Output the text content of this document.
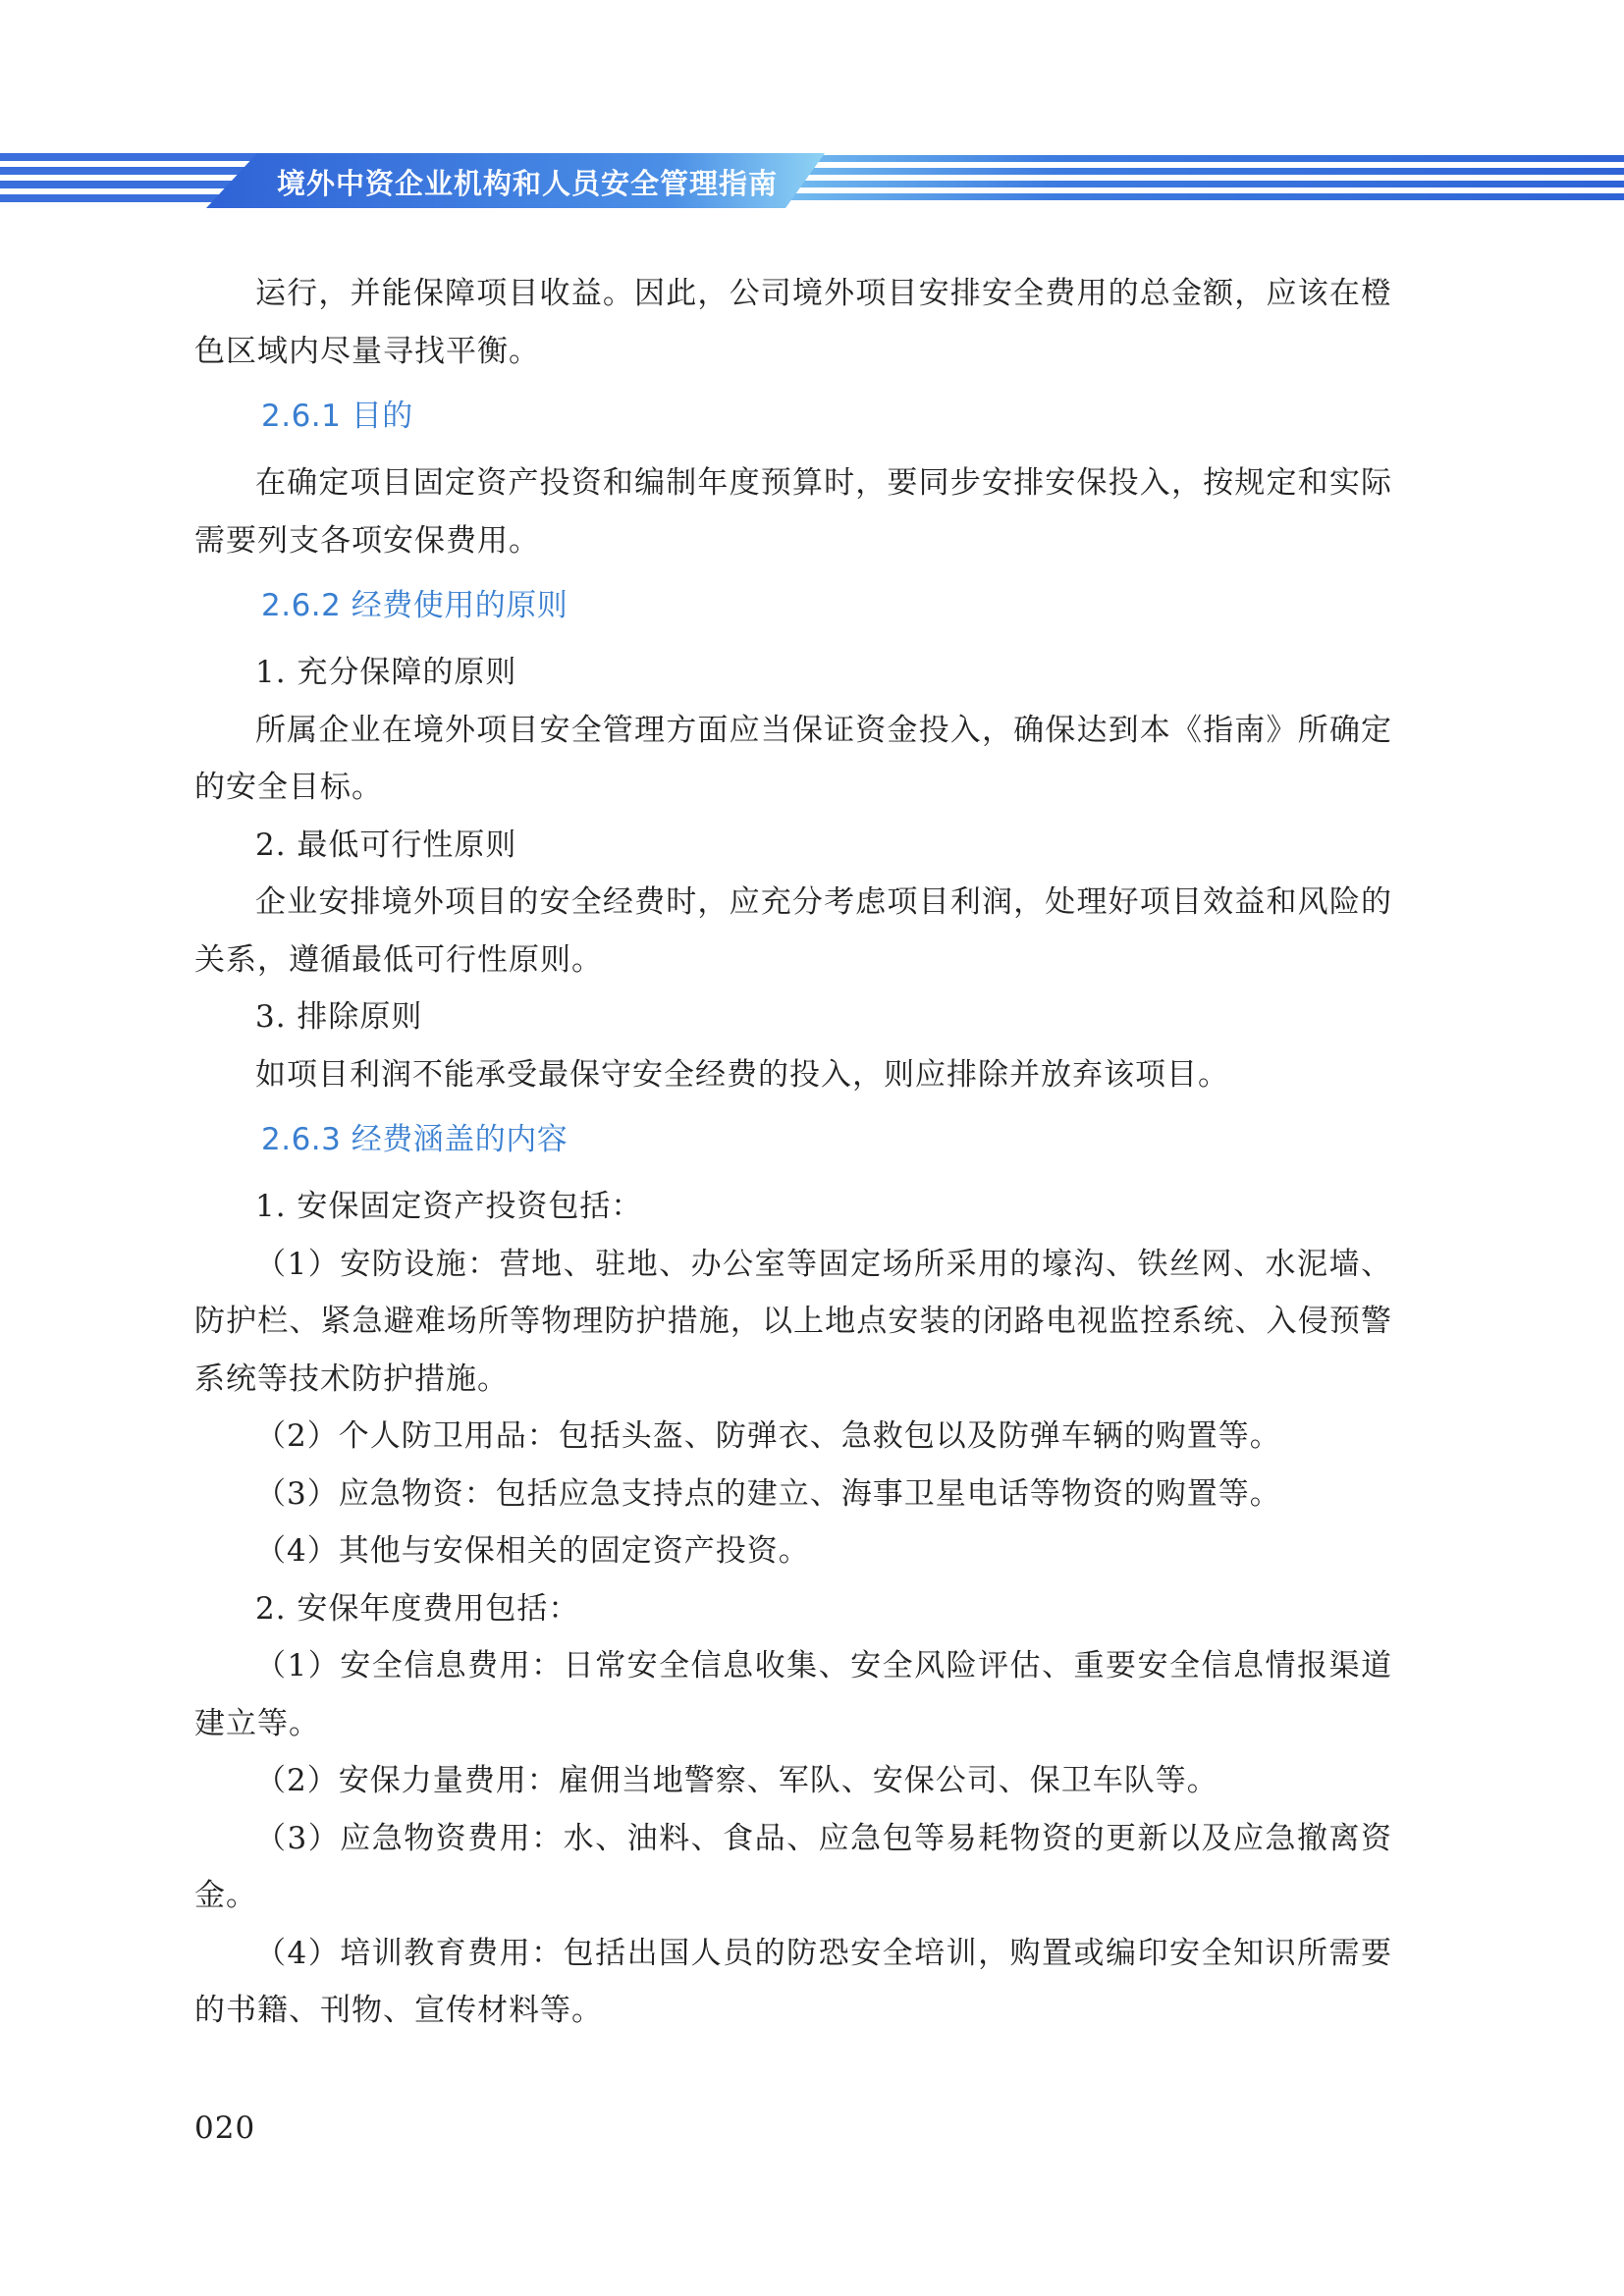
境外中资企业机构和人员安全管理指南

运行，并能保障项目收益。因此，公司境外项目安排安全费用的总金额，应该在橙色区域内尽量寻找平衡。

2.6.1 目的

在确定项目固定资产投资和编制年度预算时，要同步安排安保投入，按规定和实际需要列支各项安保费用。

2.6.2 经费使用的原则

1. 充分保障的原则

所属企业在境外项目安全管理方面应当保证资金投入，确保达到本《指南》所确定的安全目标。

2. 最低可行性原则

企业安排境外项目的安全经费时，应充分考虑项目利润，处理好项目效益和风险的关系，遵循最低可行性原则。

3. 排除原则

如项目利润不能承受最保守安全经费的投入，则应排除并放弃该项目。

2.6.3 经费涵盖的内容

1. 安保固定资产投资包括：

（1）安防设施：营地、驻地、办公室等固定场所采用的壕沟、铁丝网、水泥墙、防护栏、紧急避难场所等物理防护措施，以上地点安装的闭路电视监控系统、入侵预警系统等技术防护措施。

（2）个人防卫用品：包括头盔、防弹衣、急救包以及防弹车辆的购置等。

（3）应急物资：包括应急支持点的建立、海事卫星电话等物资的购置等。

（4）其他与安保相关的固定资产投资。

2. 安保年度费用包括：

（1）安全信息费用：日常安全信息收集、安全风险评估、重要安全信息情报渠道建立等。

（2）安保力量费用：雇佣当地警察、军队、安保公司、保卫车队等。

（3）应急物资费用：水、油料、食品、应急包等易耗物资的更新以及应急撤离资金。

（4）培训教育费用：包括出国人员的防恐安全培训，购置或编印安全知识所需要的书籍、刊物、宣传材料等。

020
